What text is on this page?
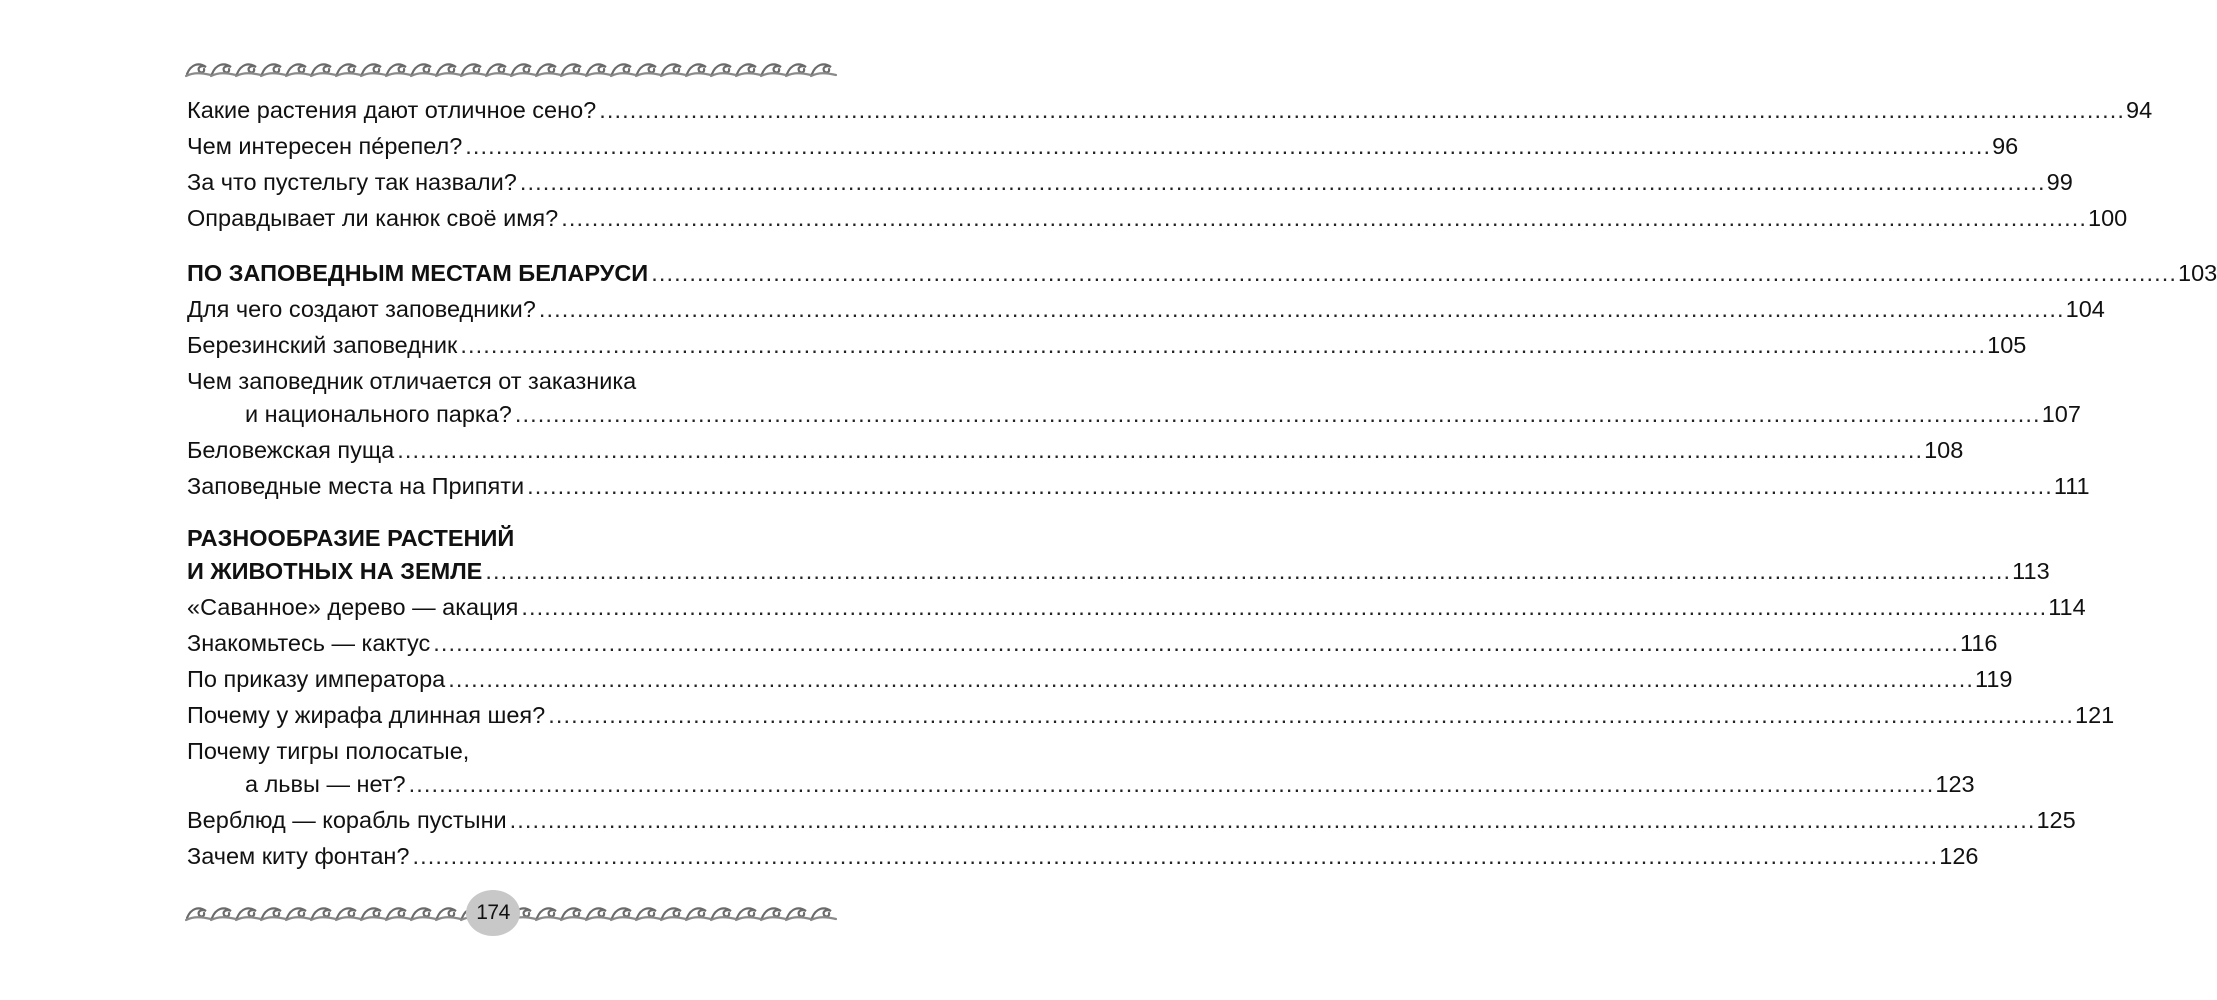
Какие растения дают отличное сено? ........................................................................................................................................................................................................ 94
Чем интересен пе́репел? ........................................................................................................................................................................................................ 96
За что пустельгу так назвали? ........................................................................................................................................................................................................ 99
Оправдывает ли канюк своё имя? ........................................................................................................................................................................................................ 100
ПО ЗАПОВЕДНЫМ МЕСТАМ БЕЛАРУСИ ........................................................................................................................................................................................................ 103
Для чего создают заповедники? ........................................................................................................................................................................................................ 104
Березинский заповедник ........................................................................................................................................................................................................ 105
Чем заповедник отличается от заказника
и национального парка? ........................................................................................................................................................................................................ 107
Беловежская пуща ........................................................................................................................................................................................................ 108
Заповедные места на Припяти ........................................................................................................................................................................................................ 111
РАЗНООБРАЗИЕ РАСТЕНИЙ
И ЖИВОТНЫХ НА ЗЕМЛЕ ........................................................................................................................................................................................................ 113
«Саванное» дерево — акация ........................................................................................................................................................................................................ 114
Знакомьтесь — кактус ........................................................................................................................................................................................................ 116
По приказу императора ........................................................................................................................................................................................................ 119
Почему у жирафа длинная шея? ........................................................................................................................................................................................................ 121
Почему тигры полосатые,
а львы — нет? ........................................................................................................................................................................................................ 123
Верблюд — корабль пустыни ........................................................................................................................................................................................................ 125
Зачем киту фонтан? ........................................................................................................................................................................................................ 126
174
